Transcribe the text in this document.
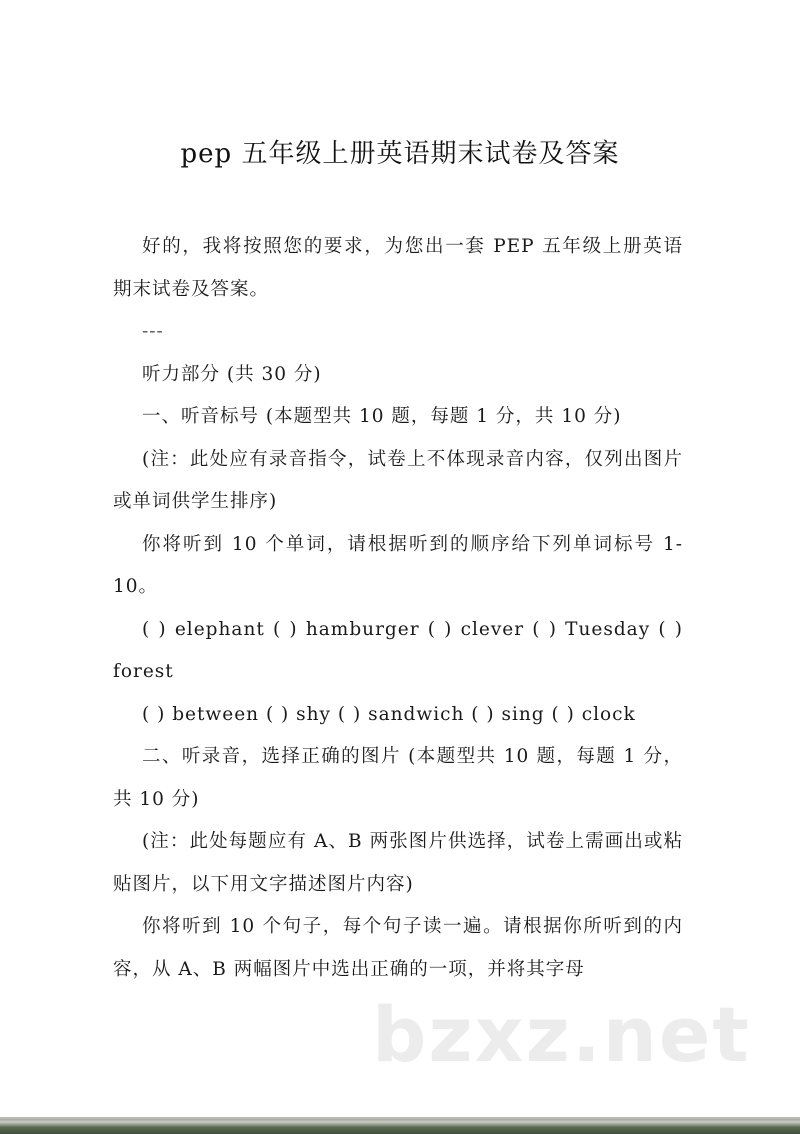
pep 五年级上册英语期末试卷及答案

好的，我将按照您的要求，为您出一套 PEP 五年级上册英语期末试卷及答案。

---

听力部分 (共 30 分)

一、听音标号 (本题型共 10 题，每题 1 分，共 10 分)

(注：此处应有录音指令，试卷上不体现录音内容，仅列出图片或单词供学生排序)

你将听到 10 个单词，请根据听到的顺序给下列单词标号 1-10。

( ) elephant ( ) hamburger ( ) clever ( ) Tuesday ( ) forest

( ) between ( ) shy ( ) sandwich ( ) sing ( ) clock

二、听录音，选择正确的图片 (本题型共 10 题，每题 1 分，共 10 分)

(注：此处每题应有 A、B 两张图片供选择，试卷上需画出或粘贴图片，以下用文字描述图片内容)

你将听到 10 个句子，每个句子读一遍。请根据你所听到的内容，从 A、B 两幅图片中选出正确的一项，并将其字母

bzxz.net
